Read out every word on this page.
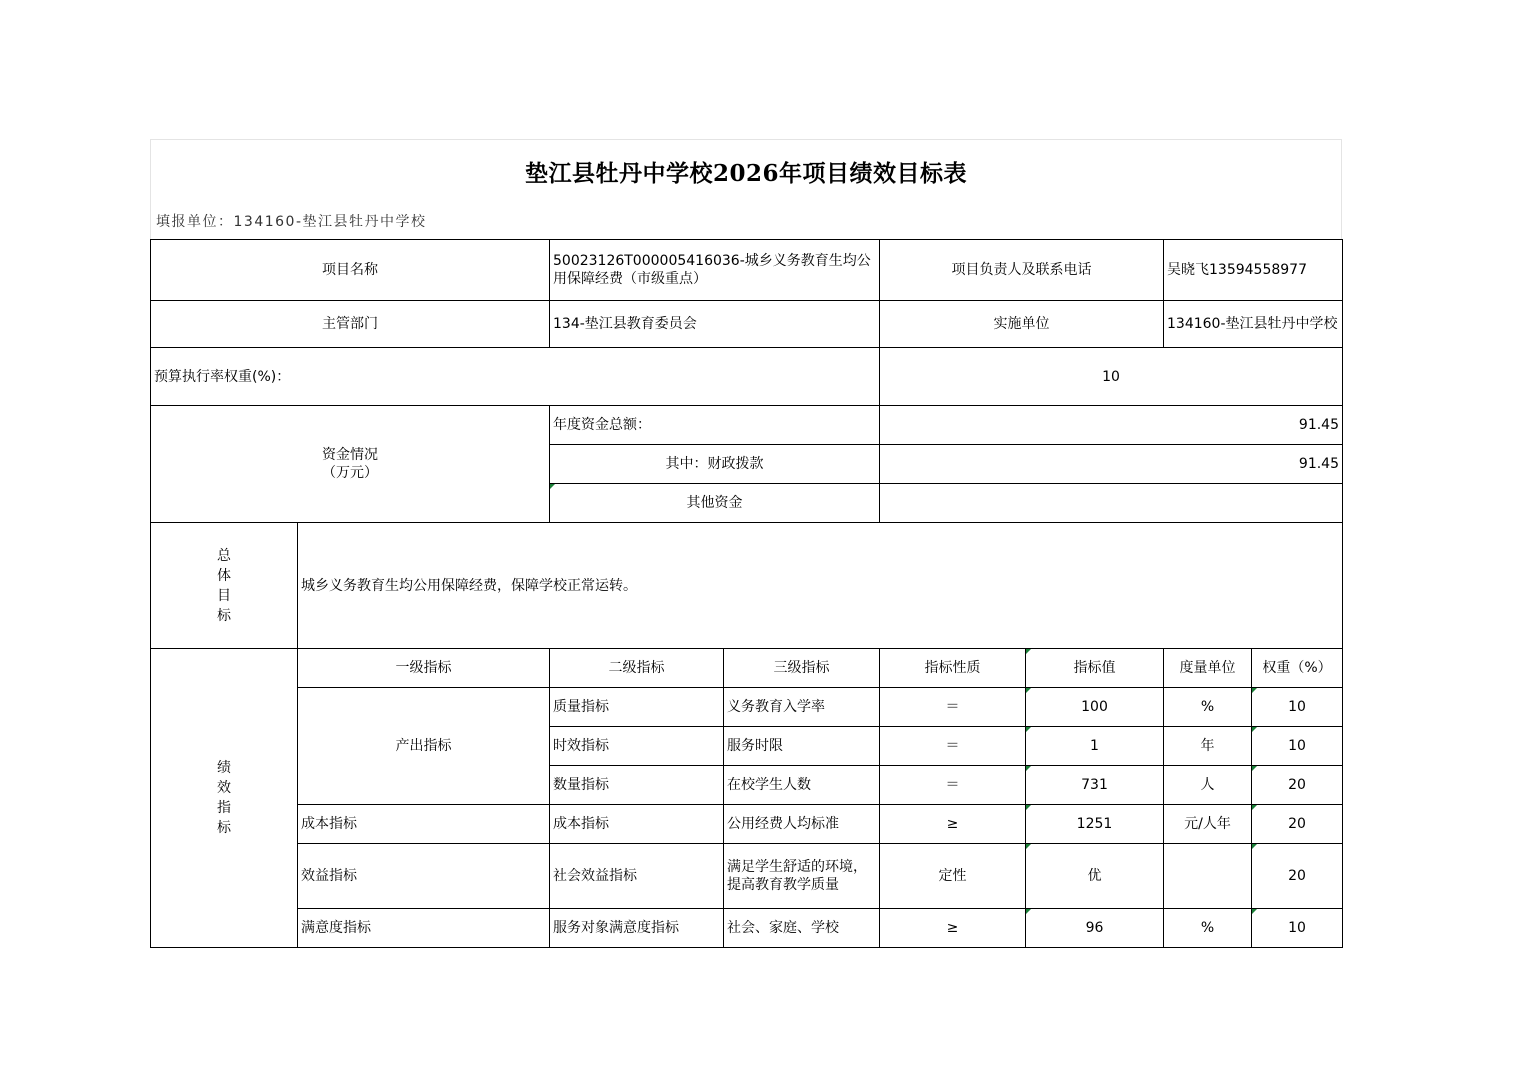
垫江县牡丹中学校2026年项目绩效目标表
填报单位：134160-垫江县牡丹中学校
项目名称		50023126T000005416036-城乡义务教育生均公用保障经费（市级重点）		项目负责人及联系电话		吴晓飞13594558977	
主管部门		134-垫江县教育委员会		实施单位		134160-垫江县牡丹中学校	
预算执行率权重(%)：				10			
资金情况
（万元）		年度资金总额：		91.45			
		其中：财政拨款		91.45			
		其他资金					

总
体
目
标	城乡义务教育生均公用保障经费，保障学校正常运转。						

绩
效
指
标	一级指标	二级指标	三级指标	指标性质	指标值	度量单位	权重（%）
	产出指标	质量指标	义务教育入学率	＝	100	%	10
		时效指标	服务时限	＝	1	年	10
		数量指标	在校学生人数	＝	731	人	20
	成本指标	成本指标	公用经费人均标准	≥	1251	元/人年	20
	效益指标	社会效益指标	满足学生舒适的环境，提高教育教学质量	定性	优		20
	满意度指标	服务对象满意度指标	社会、家庭、学校	≥	96	%	10
